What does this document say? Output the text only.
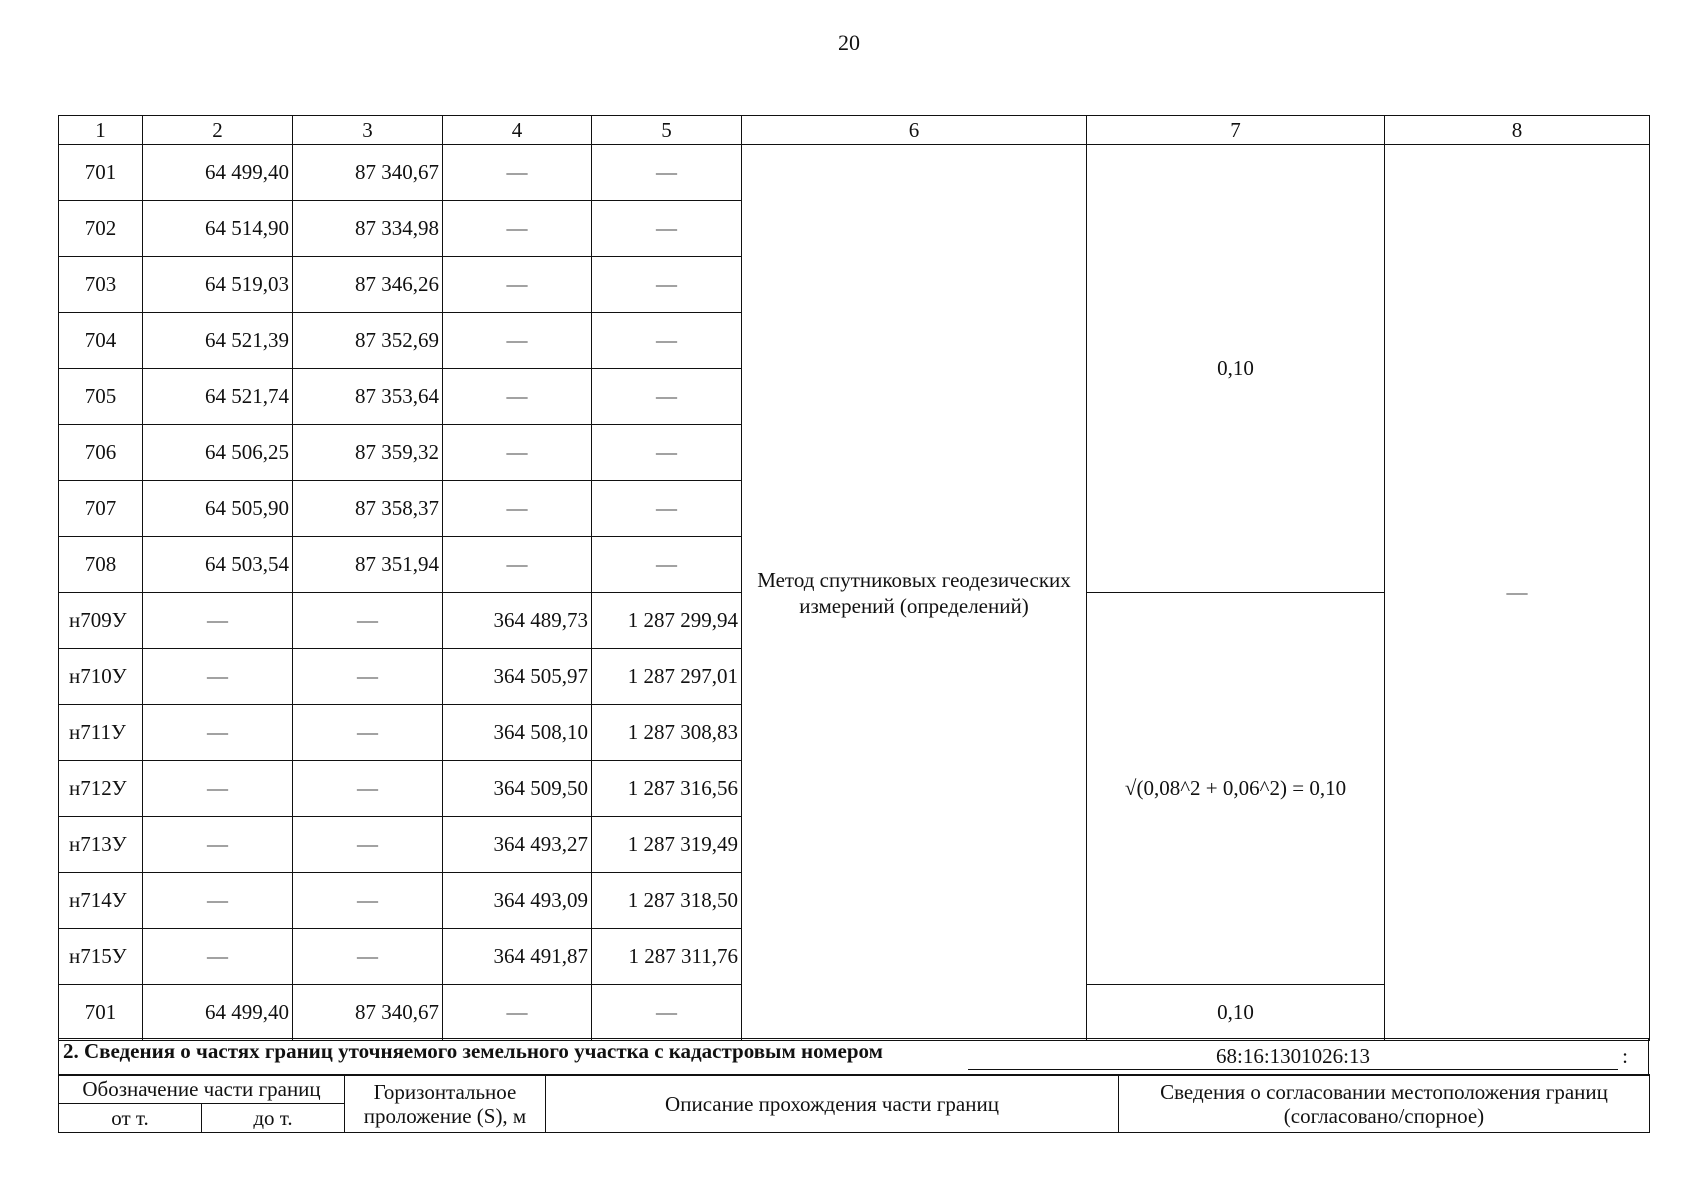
20
1	2	3	4	5	6	7	8
701	64 499,40	87 340,67	—	—	Метод спутниковых геодезических измерений (определений)	0,10	—
702	64 514,90	87 334,98	—	—			
703	64 519,03	87 346,26	—	—			
704	64 521,39	87 352,69	—	—			
705	64 521,74	87 353,64	—	—			
706	64 506,25	87 359,32	—	—			
707	64 505,90	87 358,37	—	—			
708	64 503,54	87 351,94	—	—			
н709У	—	—	364 489,73	1 287 299,94		√(0,08^2 + 0,06^2) = 0,10	
н710У	—	—	364 505,97	1 287 297,01			
н711У	—	—	364 508,10	1 287 308,83			
н712У	—	—	364 509,50	1 287 316,56			
н713У	—	—	364 493,27	1 287 319,49			
н714У	—	—	364 493,09	1 287 318,50			
н715У	—	—	364 491,87	1 287 311,76			
701	64 499,40	87 340,67	—	—		0,10	
2. Сведения о частях границ уточняемого земельного участка с кадастровым номером	68:16:1301026:13	:
Обозначение части границ		Горизонтальное проложение (S), м	Описание прохождения части границ	Сведения о согласовании местоположения границ (согласовано/спорное)
от т.	до т.			
